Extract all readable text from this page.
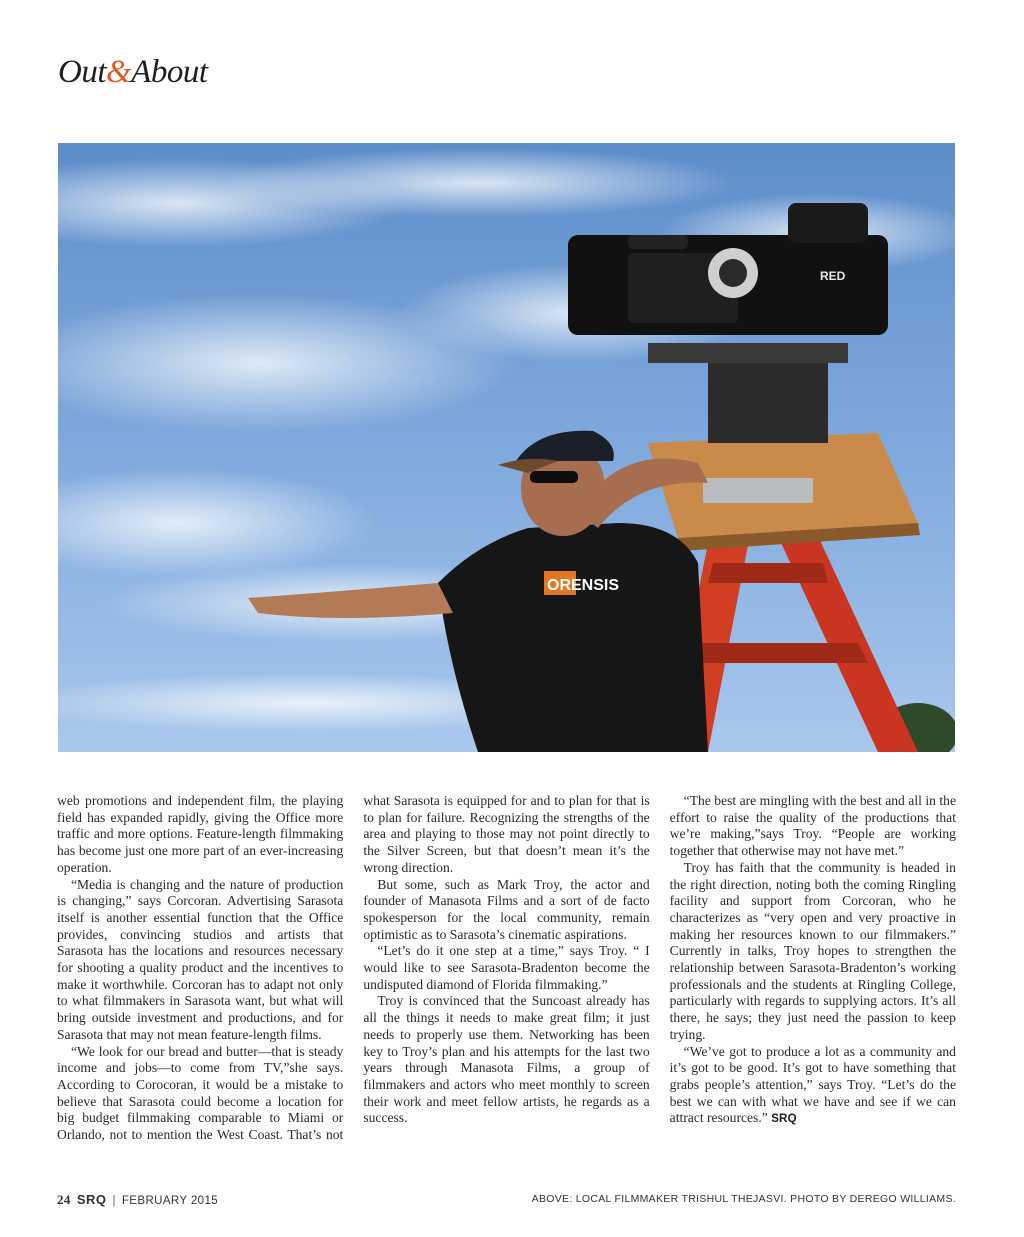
Out&About
ORENSIS
RED

web promotions and independent film, the playing field has expanded rapidly, giving the Office more traffic and more options. Feature-length filmmaking has become just one more part of an ever-increasing operation.

“Media is changing and the nature of production is changing,” says Corcoran. Advertising Sarasota itself is another essential function that the Office provides, convincing studios and artists that Sarasota has the locations and resources necessary for shooting a quality product and the incentives to make it worthwhile. Corcoran has to adapt not only to what filmmakers in Sarasota want, but what will bring outside investment and productions, and for Sarasota that may not mean feature-length films.

“We look for our bread and butter—that is steady income and jobs—to come from TV,”she says. According to Corocoran, it would be a mistake to believe that Sarasota could become a location for big budget filmmaking comparable to Miami or Orlando, not to mention the West Coast. That’s not what Sarasota is equipped for and to plan for that is to plan for failure. Recognizing the strengths of the area and playing to those may not point directly to the Silver Screen, but that doesn’t mean it’s the wrong direction.

But some, such as Mark Troy, the actor and founder of Manasota Films and a sort of de facto spokesperson for the local community, remain optimistic as to Sarasota’s cinematic aspirations.

“Let’s do it one step at a time,” says Troy. “ I would like to see Sarasota-Bradenton become the undisputed diamond of Florida filmmaking.”

Troy is convinced that the Suncoast already has all the things it needs to make great film; it just needs to properly use them. Networking has been key to Troy’s plan and his attempts for the last two years through Manasota Films, a group of filmmakers and actors who meet monthly to screen their work and meet fellow artists, he regards as a success.

“The best are mingling with the best and all in the effort to raise the quality of the productions that we’re making,”says Troy. “People are working together that otherwise may not have met.”

Troy has faith that the community is headed in the right direction, noting both the coming Ringling facility and support from Corcoran, who he characterizes as “very open and very proactive in making her resources known to our filmmakers.” Currently in talks, Troy hopes to strengthen the relationship between Sarasota-Bradenton’s working professionals and the students at Ringling College, particularly with regards to supplying actors. It’s all there, he says; they just need the passion to keep trying.

“We’ve got to produce a lot as a community and it’s got to be good. It’s got to have something that grabs people’s attention,” says Troy. “Let’s do the best we can with what we have and see if we can attract resources.” SRQ

24 SRQ | FEBRUARY 2015	ABOVE: LOCAL FILMMAKER TRISHUL THEJASVI. PHOTO BY DEREGO WILLIAMS.
